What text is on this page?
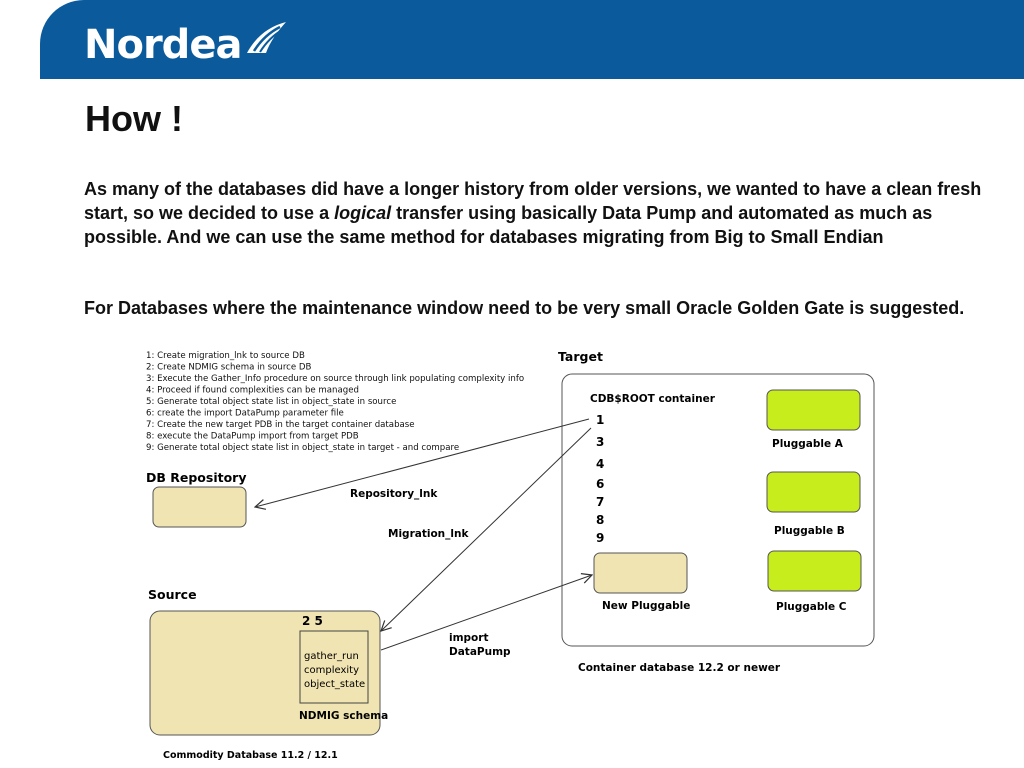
Nordea
How !
As many of the databases did have a longer history from older versions, we wanted to have a clean fresh start, so we decided to use a logical transfer using basically Data Pump and automated as much as possible. And we can use the same method for databases migrating from Big to Small Endian
For Databases where the maintenance window need to be very small Oracle Golden Gate is suggested.
1: Create migration_lnk to source DB
2: Create NDMIG schema in source DB
3: Execute the Gather_Info procedure on source through link populating complexity info
4: Proceed if found complexities can be managed
5: Generate total object state list in object_state in source
6: create the import DataPump parameter file
7: Create the new target PDB in the target container database
8: execute the DataPump import from target PDB
9: Generate total object state list in object_state in target - and compare
Target
CDB$ROOT container
1
3
4
6
7
8
9
Pluggable A
Pluggable B
Pluggable C
New Pluggable
Container database 12.2 or newer
DB Repository
Repository_lnk
Migration_lnk
Source
2 5
gather_run
complexity
object_state
NDMIG schema
import
DataPump
Commodity Database 11.2 / 12.1
